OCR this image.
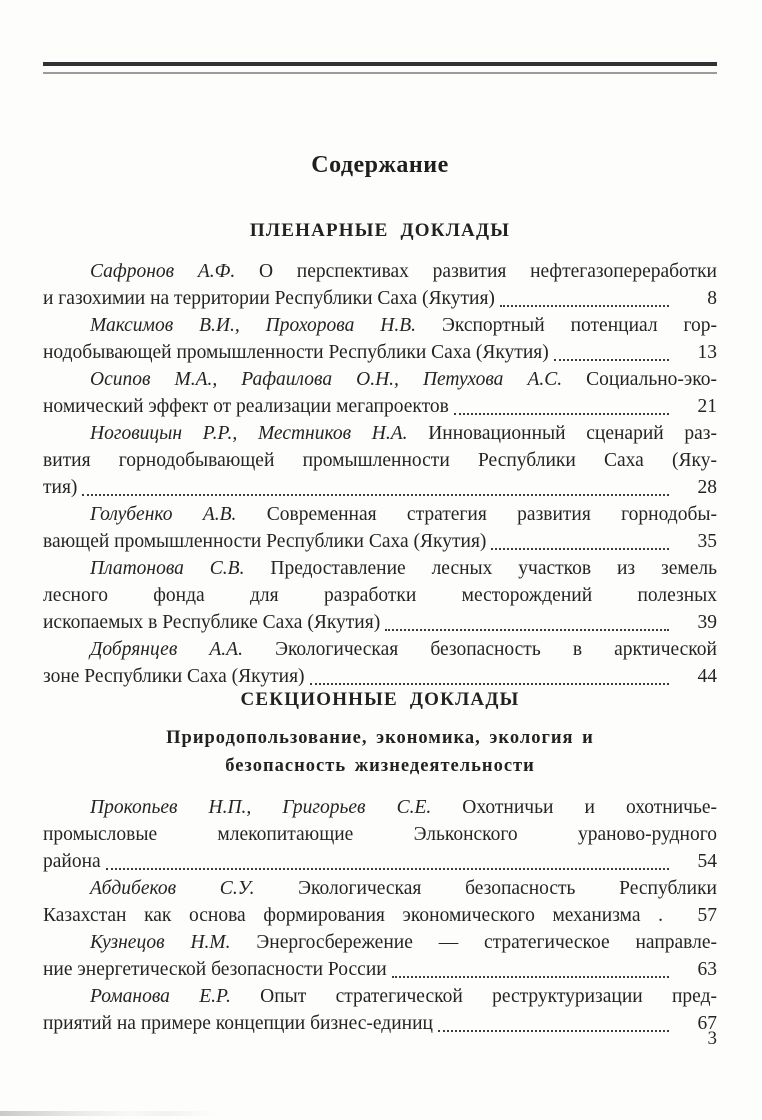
Содержание
ПЛЕНАРНЫЕ ДОКЛАДЫ
Сафронов А.Ф. О перспективах развития нефтегазопереработки
и газохимии на территории Республики Саха (Якутия)	8
Максимов В.И., Прохорова Н.В. Экспортный потенциал гор-
нодобывающей промышленности Республики Саха (Якутия)	13
Осипов М.А., Рафаилова О.Н., Петухова А.С. Социально-эко-
номический эффект от реализации мегапроектов	21
Ноговицын Р.Р., Местников Н.А. Инновационный сценарий раз-
вития горнодобывающей промышленности Республики Саха (Яку-
тия)	28
Голубенко А.В. Современная стратегия развития горнодобы-
вающей промышленности Республики Саха (Якутия)	35
Платонова С.В. Предоставление лесных участков из земель
лесного фонда для разработки месторождений полезных
ископаемых в Республике Саха (Якутия)	39
Добрянцев А.А. Экологическая безопасность в арктической
зоне Республики Саха (Якутия)	44
СЕКЦИОННЫЕ ДОКЛАДЫ
Природопользование, экономика, экология и
безопасность жизнедеятельности
Прокопьев Н.П., Григорьев С.Е. Охотничьи и охотничье-
промысловые млекопитающие Эльконского ураново-рудного
района	54
Абдибеков С.У. Экологическая безопасность Республики
Казахстан как основа формирования экономического механизма .	57
Кузнецов Н.М. Энергосбережение — стратегическое направле-
ние энергетической безопасности России	63
Романова Е.Р. Опыт стратегической реструктуризации пред-
приятий на примере концепции бизнес-единиц	67
3
